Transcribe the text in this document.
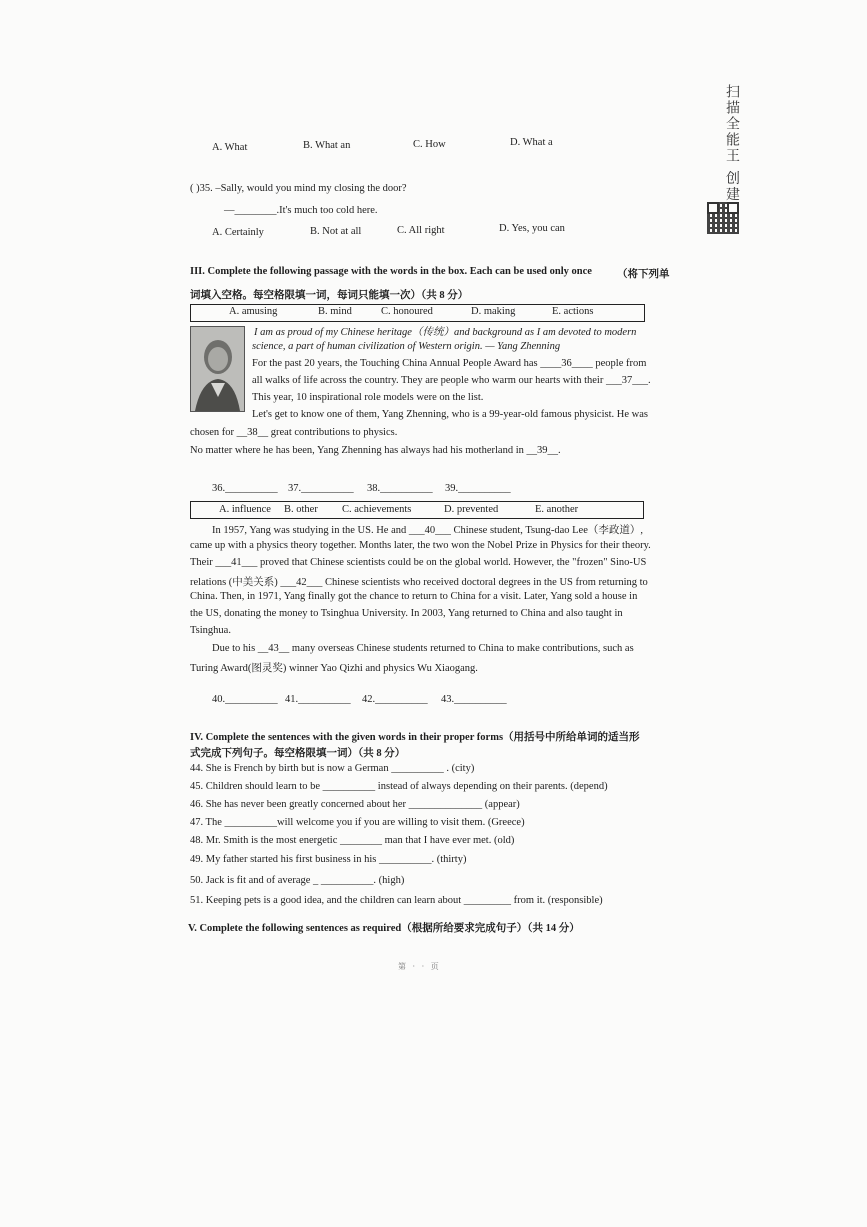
扫描全能王 创建
A. What	B. What an	C. How	D. What a
( )35. –Sally, would you mind my closing the door?
—________.It's much too cold here.
A. Certainly	B. Not at all	C. All right	D. Yes, you can
III. Complete the following passage with the words in the box. Each can be used only once （将下列单
词填入空格。每空格限填一词，每词只能填一次）（共 8 分）
A. amusing	B. mind	C. honoured	D. making	E. actions
I am as proud of my Chinese heritage（传统）and background as I am devoted to modern
science, a part of human civilization of Western origin. — Yang Zhenning
For the past 20 years, the Touching China Annual People Award has ____36____ people from
all walks of life across the country. They are people who warm our hearts with their ___37___.
This year, 10 inspirational role models were on the list.
Let's get to know one of them, Yang Zhenning, who is a 99-year-old famous physicist. He was
chosen for __38__ great contributions to physics.
No matter where he has been, Yang Zhenning has always had his motherland in __39__.
36.__________ 37.__________ 38.__________ 39.__________
A. influence B. other C. achievements	D. prevented	E. another
In 1957, Yang was studying in the US. He and ___40___ Chinese student, Tsung-dao Lee（李政道）,
came up with a physics theory together. Months later, the two won the Nobel Prize in Physics for their theory.
Their ___41___ proved that Chinese scientists could be on the global world. However, the "frozen" Sino-US
relations (中美关系) ___42___ Chinese scientists who received doctoral degrees in the US from returning to
China. Then, in 1971, Yang finally got the chance to return to China for a visit. Later, Yang sold a house in
the US, donating the money to Tsinghua University. In 2003, Yang returned to China and also taught in
Tsinghua.
Due to his __43__ many overseas Chinese students returned to China to make contributions, such as
Turing Award(图灵奖) winner Yao Qizhi and physics Wu Xiaogang.
40.__________ 41.__________ 42.__________ 43.__________
IV. Complete the sentences with the given words in their proper forms（用括号中所给单词的适当形
式完成下列句子。每空格限填一词）（共 8 分）
44. She is French by birth but is now a German __________ . (city)
45. Children should learn to be __________ instead of always depending on their parents. (depend)
46. She has never been greatly concerned about her ______________ (appear)
47. The __________will welcome you if you are willing to visit them. (Greece)
48. Mr. Smith is the most energetic ________ man that I have ever met. (old)
49. My father started his first business in his __________. (thirty)
50. Jack is fit and of average _ __________. (high)
51. Keeping pets is a good idea, and the children can learn about _________ from it. (responsible)
V. Complete the following sentences as required（根据所给要求完成句子）（共 14 分）
第 · · 页
